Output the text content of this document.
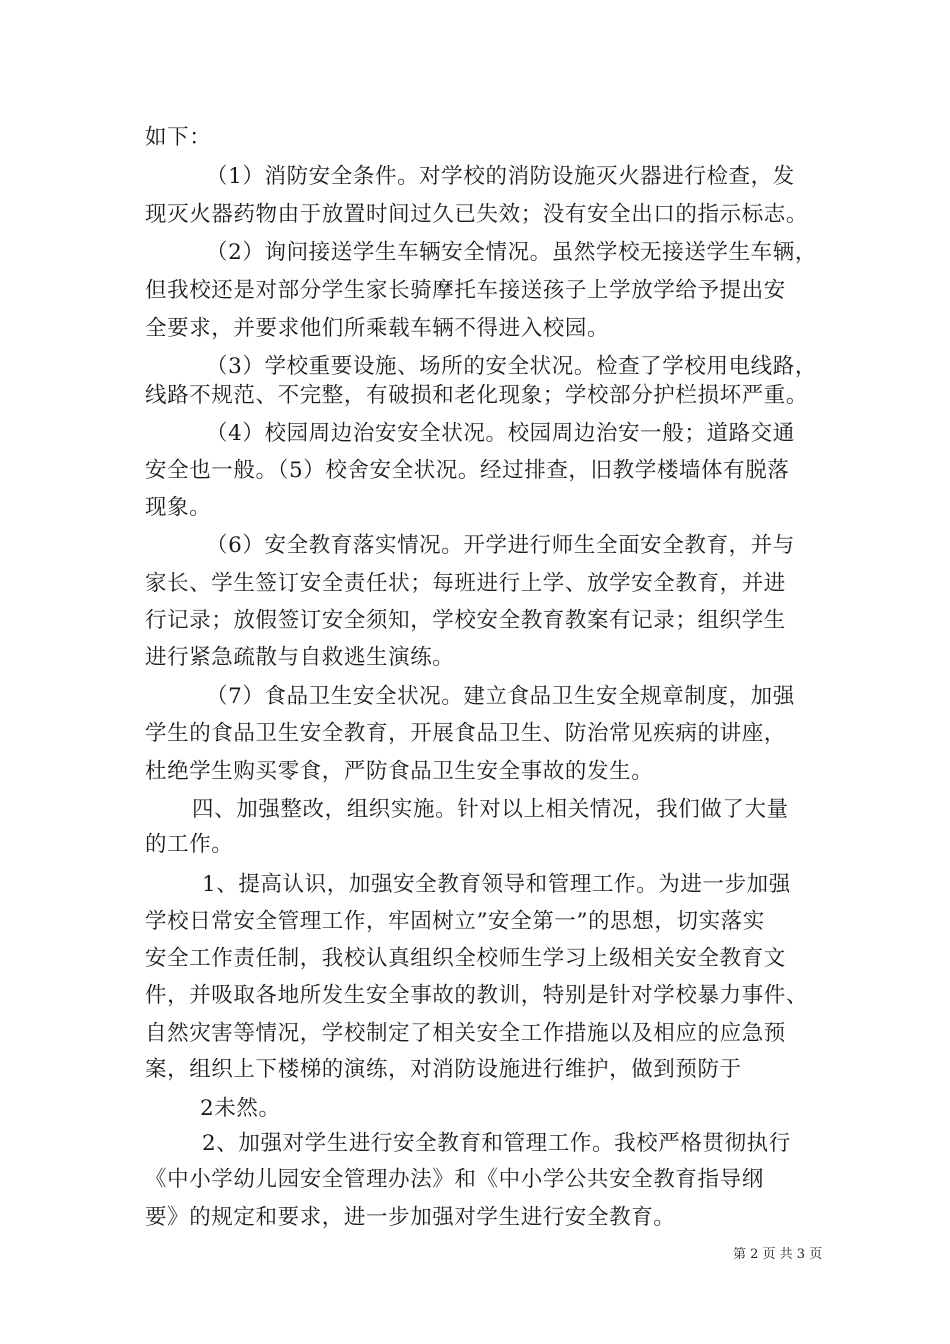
如下：
（1）消防安全条件。对学校的消防设施灭火器进行检查，发
现灭火器药物由于放置时间过久已失效；没有安全出口的指示标志。
（2）询问接送学生车辆安全情况。虽然学校无接送学生车辆，
但我校还是对部分学生家长骑摩托车接送孩子上学放学给予提出安
全要求，并要求他们所乘载车辆不得进入校园。
（3）学校重要设施、场所的安全状况。检查了学校用电线路，
线路不规范、不完整，有破损和老化现象；学校部分护栏损坏严重。
（4）校园周边治安安全状况。校园周边治安一般；道路交通
安全也一般。（5）校舍安全状况。经过排查，旧教学楼墙体有脱落
现象。
（6）安全教育落实情况。开学进行师生全面安全教育，并与
家长、学生签订安全责任状；每班进行上学、放学安全教育，并进
行记录；放假签订安全须知，学校安全教育教案有记录；组织学生
进行紧急疏散与自救逃生演练。
（7）食品卫生安全状况。建立食品卫生安全规章制度，加强
学生的食品卫生安全教育，开展食品卫生、防治常见疾病的讲座，
杜绝学生购买零食，严防食品卫生安全事故的发生。
四、加强整改，组织实施。针对以上相关情况，我们做了大量
的工作。
1、提高认识，加强安全教育领导和管理工作。为进一步加强
学校日常安全管理工作，牢固树立”安全第一”的思想，切实落实
安全工作责任制，我校认真组织全校师生学习上级相关安全教育文
件，并吸取各地所发生安全事故的教训，特别是针对学校暴力事件、
自然灾害等情况，学校制定了相关安全工作措施以及相应的应急预
案，组织上下楼梯的演练，对消防设施进行维护，做到预防于
2未然。
2、加强对学生进行安全教育和管理工作。我校严格贯彻执行
《中小学幼儿园安全管理办法》和《中小学公共安全教育指导纲
要》的规定和要求，进一步加强对学生进行安全教育。
第 2 页 共 3 页
